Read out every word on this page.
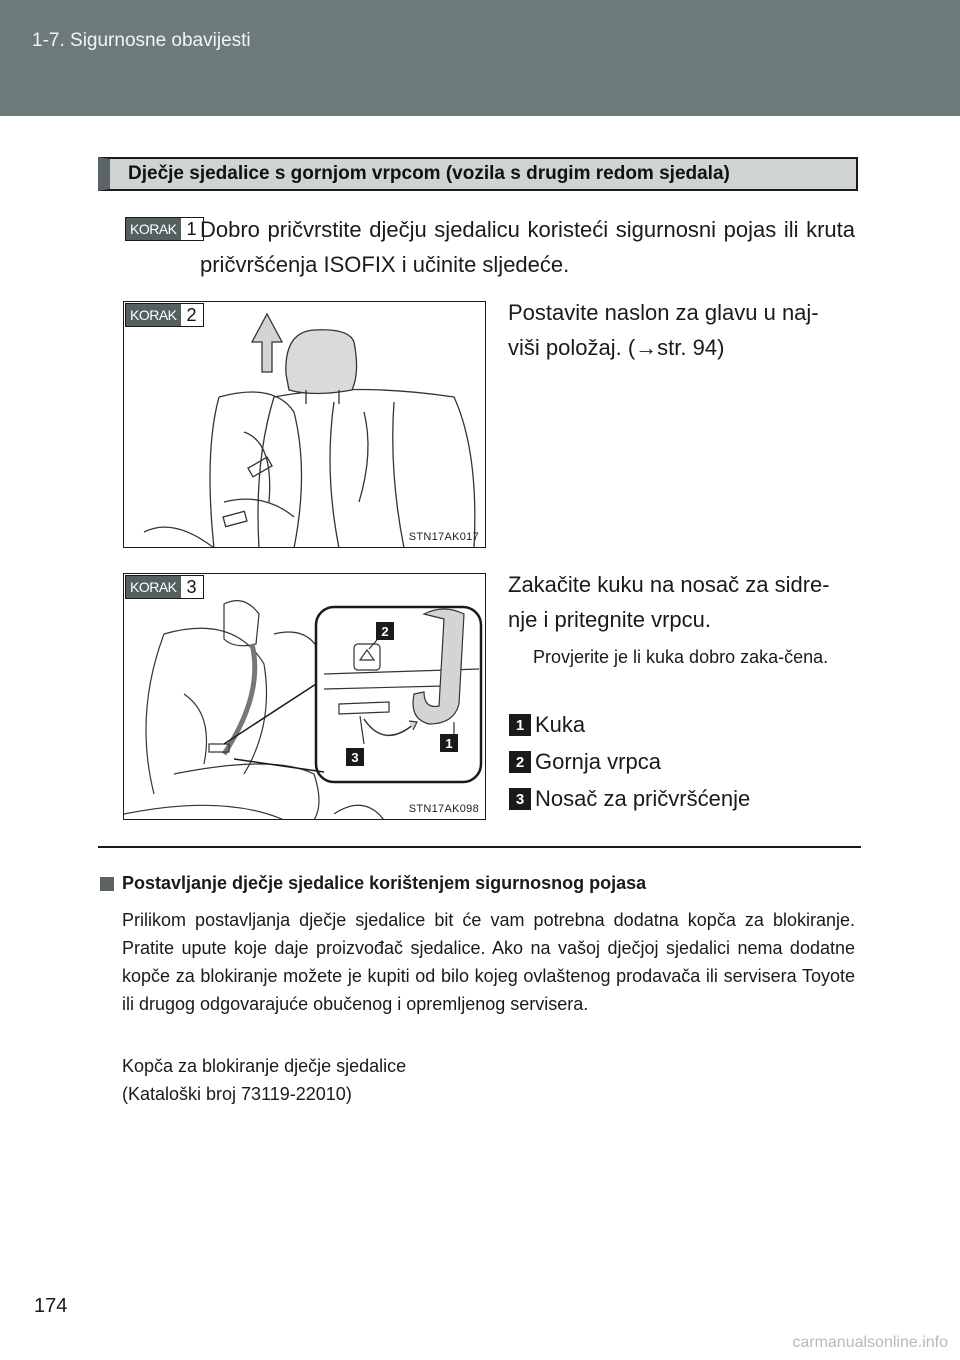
1-7. Sigurnosne obavijesti
Dječje sjedalice s gornjom vrpcom (vozila s drugim redom sjedala)
KORAK 1 Dobro pričvrstite dječju sjedalicu koristeći sigurnosni pojas ili kruta pričvršćenja ISOFIX i učinite sljedeće.
KORAK 2
STN17AK017
Postavite naslon za glavu u naj-
viši položaj. (→str. 94)
2
3
1
KORAK 3
STN17AK098
Zakačite kuku na nosač za sidre-
nje i pritegnite vrpcu.
Provjerite je li kuka dobro zaka-čena.
1 Kuka
2 Gornja vrpca
3 Nosač za pričvršćenje
Postavljanje dječje sjedalice korištenjem sigurnosnog pojasa
Prilikom postavljanja dječje sjedalice bit će vam potrebna dodatna kopča za blokiranje. Pratite upute koje daje proizvođač sjedalice. Ako na vašoj dječjoj sjedalici nema dodatne kopče za blokiranje možete je kupiti od bilo kojeg ovlaštenog prodavača ili servisera Toyote ili drugog odgovarajuće obučenog i opremljenog servisera.
Kopča za blokiranje dječje sjedalice
(Kataloški broj 73119-22010)
174
carmanualsonline.info
